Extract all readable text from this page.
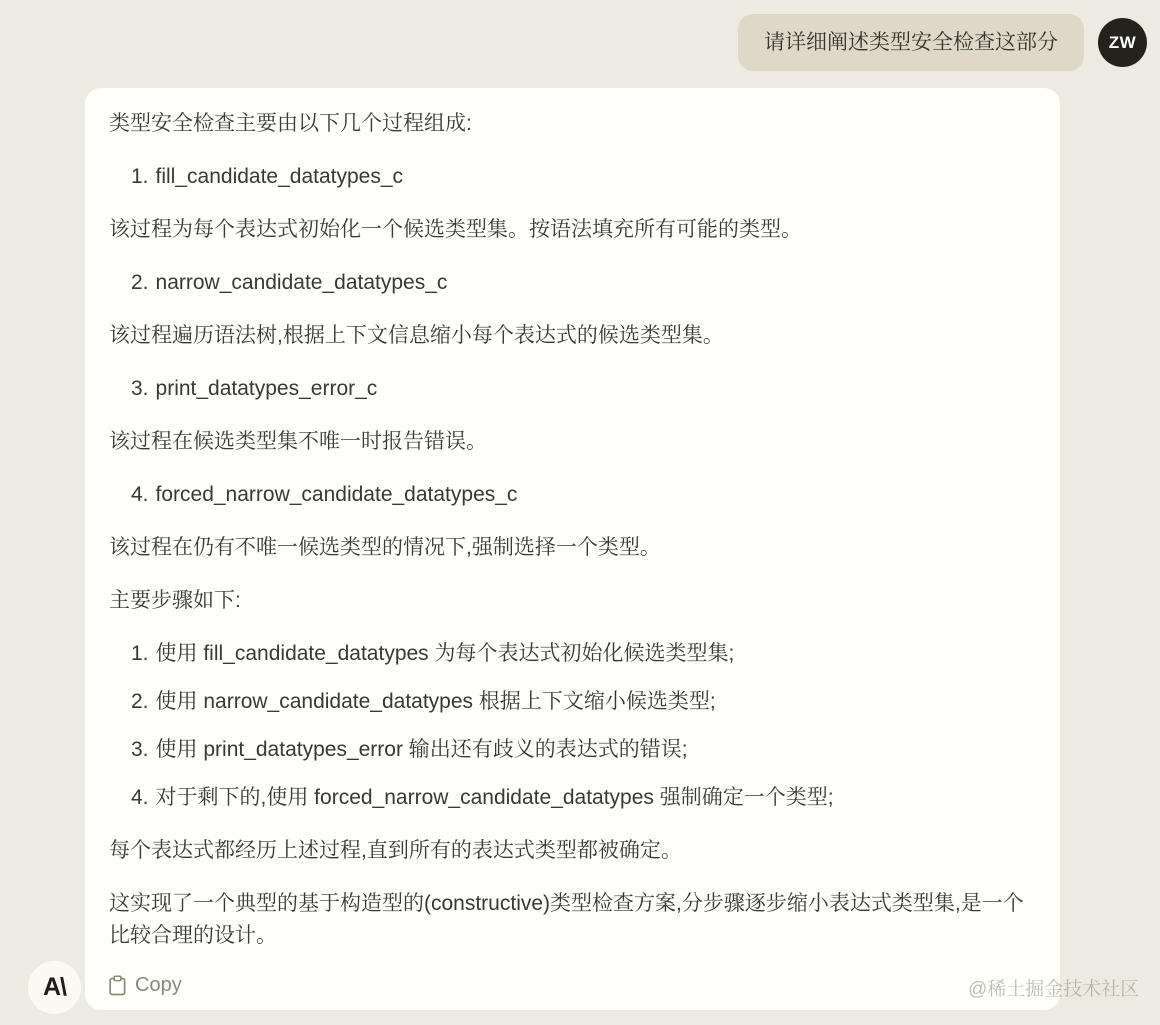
请详细阐述类型安全检查这部分	ZW
类型安全检查主要由以下几个过程组成:
1. fill_candidate_datatypes_c
该过程为每个表达式初始化一个候选类型集。按语法填充所有可能的类型。
2. narrow_candidate_datatypes_c
该过程遍历语法树,根据上下文信息缩小每个表达式的候选类型集。
3. print_datatypes_error_c
该过程在候选类型集不唯一时报告错误。
4. forced_narrow_candidate_datatypes_c
该过程在仍有不唯一候选类型的情况下,强制选择一个类型。
主要步骤如下:
1. 使用 fill_candidate_datatypes 为每个表达式初始化候选类型集;
2. 使用 narrow_candidate_datatypes 根据上下文缩小候选类型;
3. 使用 print_datatypes_error 输出还有歧义的表达式的错误;
4. 对于剩下的,使用 forced_narrow_candidate_datatypes 强制确定一个类型;
每个表达式都经历上述过程,直到所有的表达式类型都被确定。
这实现了一个典型的基于构造型的(constructive)类型检查方案,分步骤逐步缩小表达式类型集,是一个比较合理的设计。
Copy
A\	@稀土掘金技术社区
